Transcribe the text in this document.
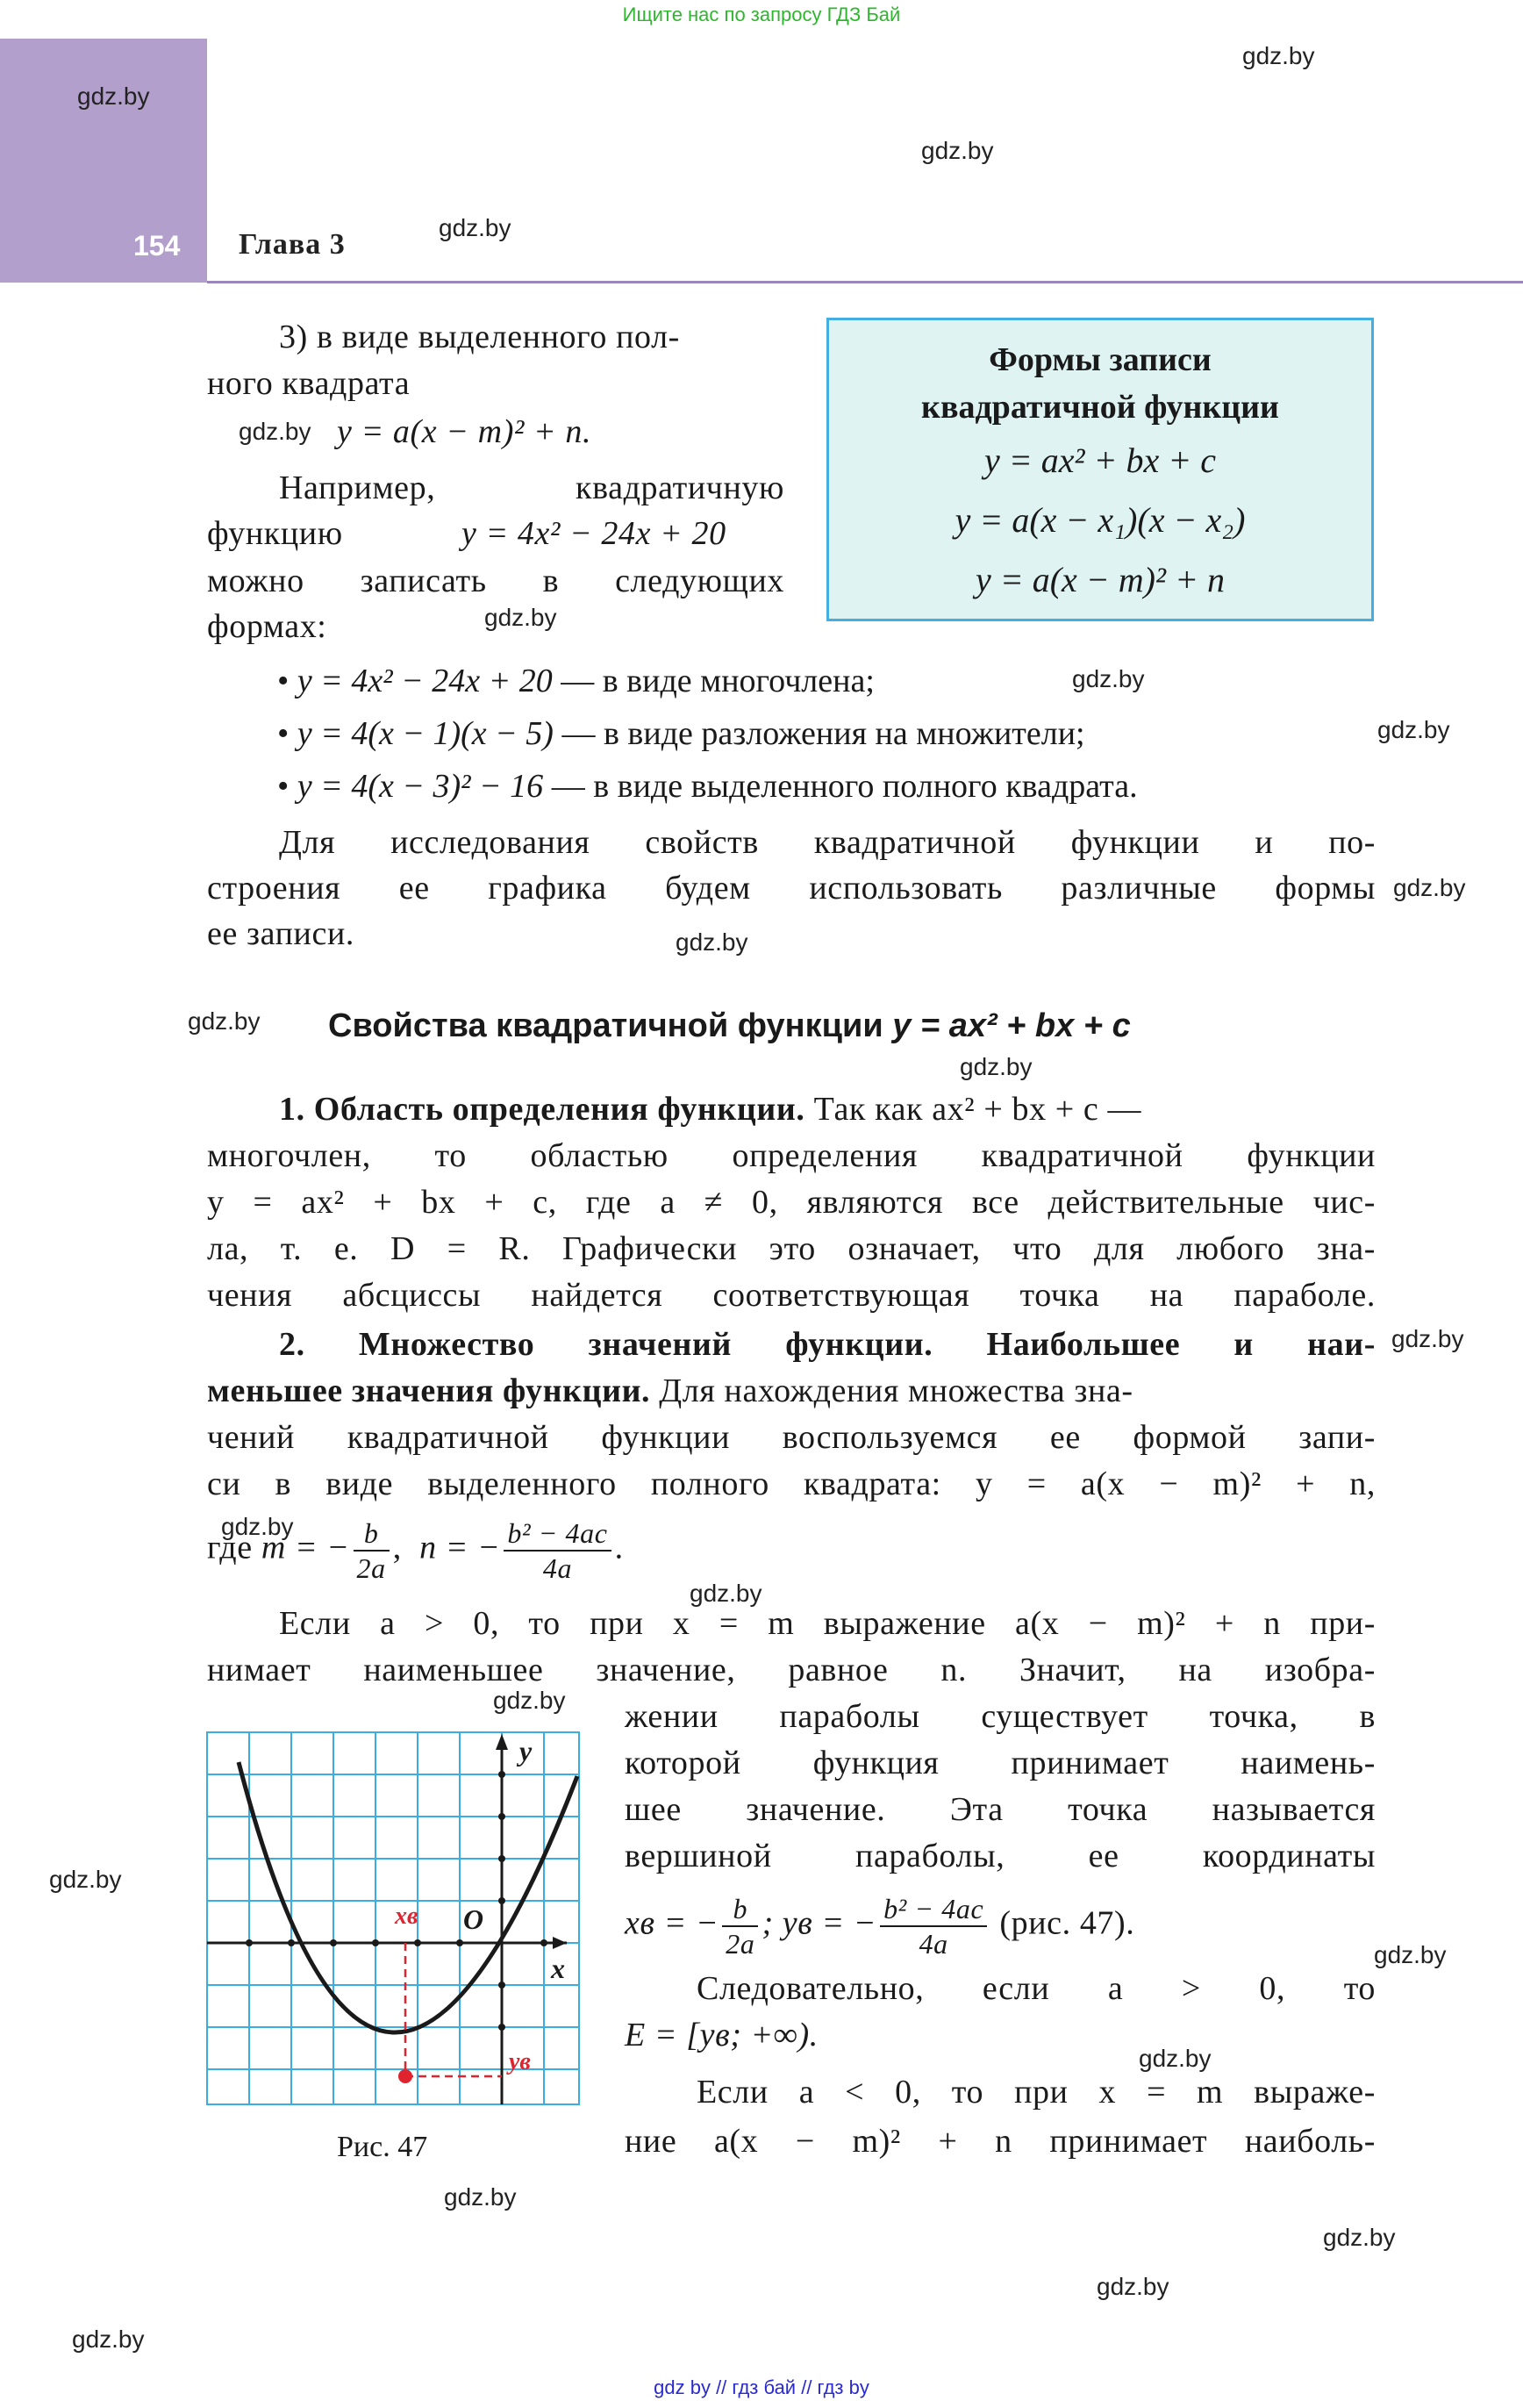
Ищите нас по запросу ГДЗ Бай
154 Глава 3
gdz.by
gdz.by
gdz.by
gdz.by
gdz.by
gdz.by
gdz.by
gdz.by
gdz.by
gdz.by
gdz.by
gdz.by
gdz.by
gdz.by
gdz.by
gdz.by
gdz.by
gdz.by
gdz.by
gdz.by
gdz.by
gdz.by
gdz.by
3) в виде выделенного пол-
ного квадрата
y = a(x − m)² + n.
Например, квадратичную
функцию	y = 4x² − 24x + 20
можно записать в следующих
формах:
Формы записи
квадратичной функции
y = ax² + bx + c
y = a(x − x₁)(x − x₂)
y = a(x − m)² + n
• y = 4x² − 24x + 20 — в виде многочлена;
• y = 4(x − 1)(x − 5) — в виде разложения на множители;
• y = 4(x − 3)² − 16 — в виде выделенного полного квадрата.
Для исследования свойств квадратичной функции и по-
строения ее графика будем использовать различные формы
ее записи.
Свойства квадратичной функции y = ax² + bx + c
1. Область определения функции. Так как ax² + bx + c —
многочлен, то областью определения квадратичной функции
y = ax² + bx + c, где a ≠ 0, являются все действительные чис-
ла, т. е. D = R. Графически это означает, что для любого зна-
чения абсциссы найдется соответствующая точка на параболе.
2. Множество значений функции. Наибольшее и наи-
меньшее значения функции. Для нахождения множества зна-
чений квадратичной функции воспользуемся ее формой запи-
си в виде выделенного полного квадрата: y = a(x − m)² + n,
где m = − $\frac{b}{2a}$ ,  n = − $\frac{\text{b² − 4ac}}{4a}$ .
Если a > 0, то при x = m выражение a(x − m)² + n при-
нимает наименьшее значение, равное n. Значит, на изобра-
жении параболы существует точка, в
которой функция принимает наимень-
шее значение. Эта точка называется
вершиной параболы, ее координаты
xв = − $\frac{b}{2a}$ ; yв = − $\frac{\text{b² − 4ac}}{4a} (рис$. 47).
Следовательно, если a > 0, то
E = [yв; +∞).
Если a < 0, то при x = m выраже-
ние a(x − m)² + n принимает наиболь-
y
x
O
xв
yв
Рис. 47
gdz by // гдз бай // гдз by
